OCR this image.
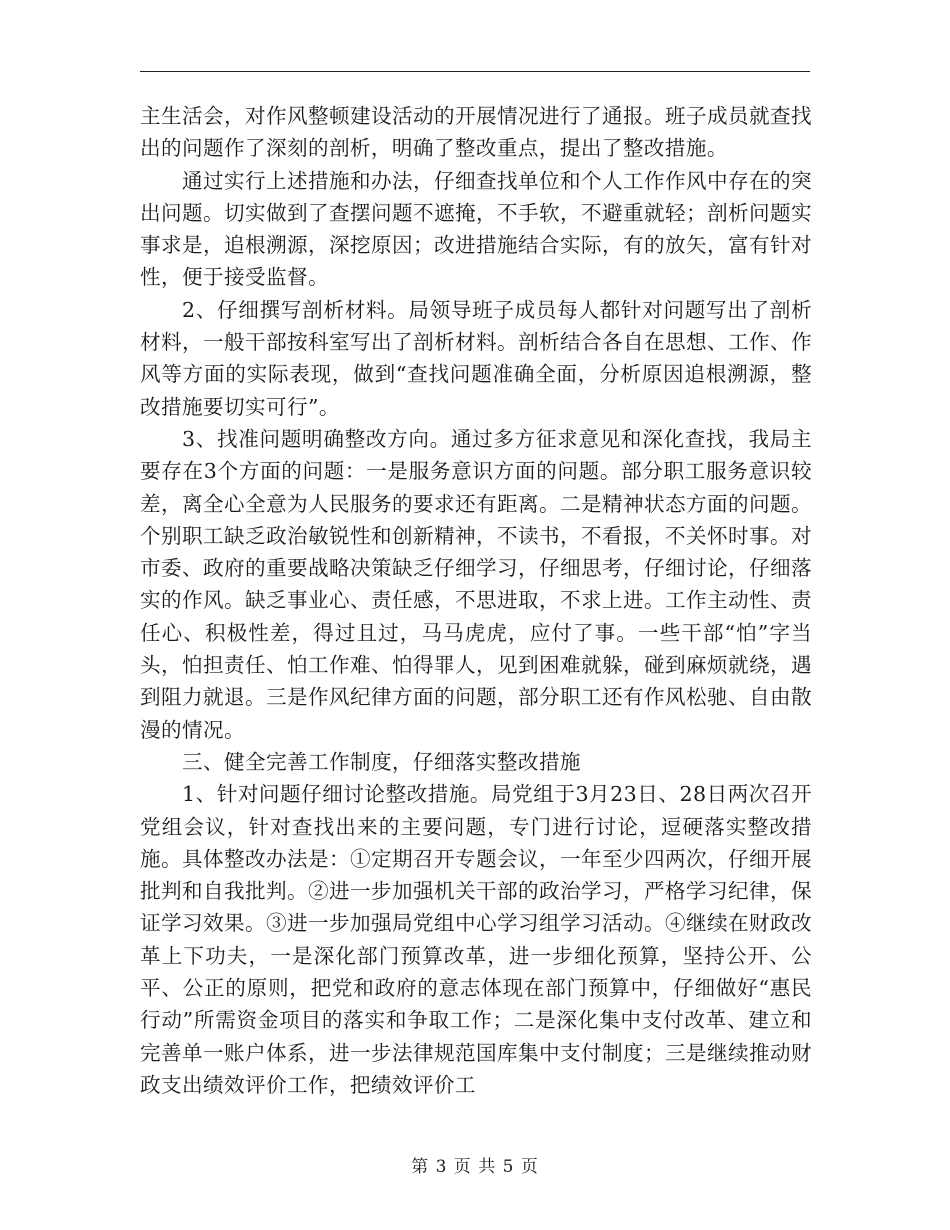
主生活会，对作风整顿建设活动的开展情况进行了通报。班子成员就查找出的问题作了深刻的剖析，明确了整改重点，提出了整改措施。

通过实行上述措施和办法，仔细查找单位和个人工作作风中存在的突出问题。切实做到了查摆问题不遮掩，不手软，不避重就轻；剖析问题实事求是，追根溯源，深挖原因；改进措施结合实际，有的放矢，富有针对性，便于接受监督。

2、仔细撰写剖析材料。局领导班子成员每人都针对问题写出了剖析材料，一般干部按科室写出了剖析材料。剖析结合各自在思想、工作、作风等方面的实际表现，做到“查找问题准确全面，分析原因追根溯源，整改措施要切实可行”。

3、找准问题明确整改方向。通过多方征求意见和深化查找，我局主要存在3个方面的问题：一是服务意识方面的问题。部分职工服务意识较差，离全心全意为人民服务的要求还有距离。二是精神状态方面的问题。个别职工缺乏政治敏锐性和创新精神，不读书，不看报，不关怀时事。对市委、政府的重要战略决策缺乏仔细学习，仔细思考，仔细讨论，仔细落实的作风。缺乏事业心、责任感，不思进取，不求上进。工作主动性、责任心、积极性差，得过且过，马马虎虎，应付了事。一些干部“怕”字当头，怕担责任、怕工作难、怕得罪人，见到困难就躲，碰到麻烦就绕，遇到阻力就退。三是作风纪律方面的问题，部分职工还有作风松驰、自由散漫的情况。

三、健全完善工作制度，仔细落实整改措施

1、针对问题仔细讨论整改措施。局党组于3月23日、28日两次召开党组会议，针对查找出来的主要问题，专门进行讨论，逗硬落实整改措施。具体整改办法是：①定期召开专题会议，一年至少四两次，仔细开展批判和自我批判。②进一步加强机关干部的政治学习，严格学习纪律，保证学习效果。③进一步加强局党组中心学习组学习活动。④继续在财政改革上下功夫，一是深化部门预算改革，进一步细化预算，坚持公开、公平、公正的原则，把党和政府的意志体现在部门预算中，仔细做好“惠民行动”所需资金项目的落实和争取工作；二是深化集中支付改革、建立和完善单一账户体系，进一步法律规范国库集中支付制度；三是继续推动财政支出绩效评价工作，把绩效评价工

第 3 页 共 5 页
